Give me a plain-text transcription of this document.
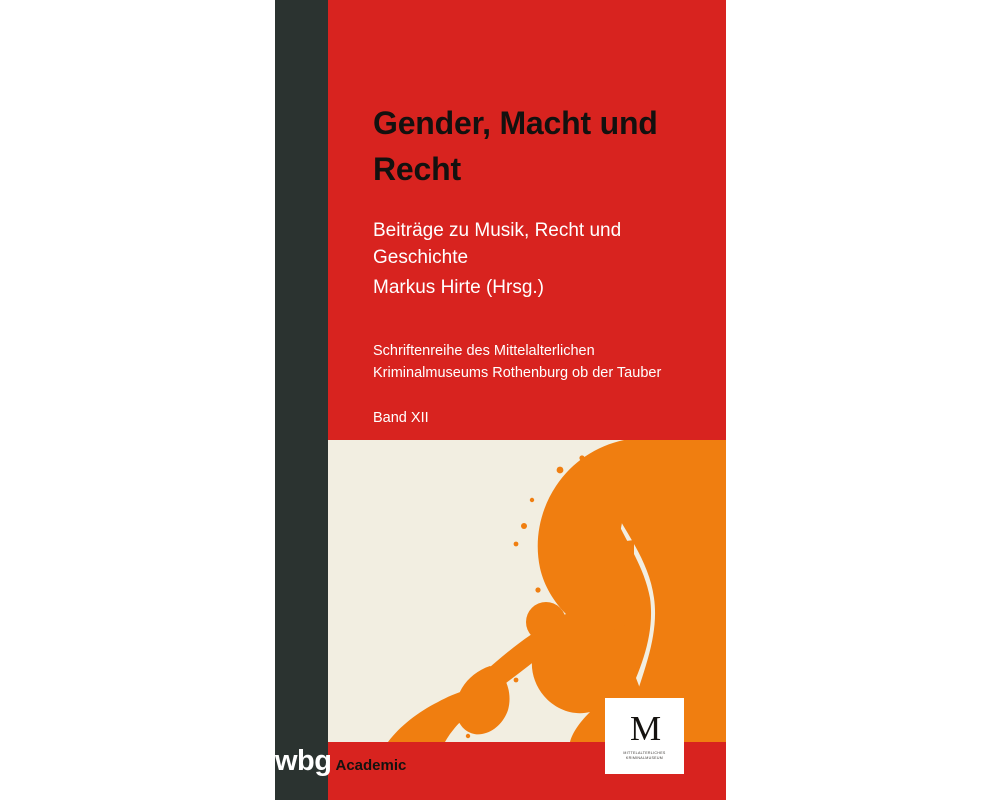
Gender, Macht und Recht
Beiträge zu Musik, Recht und Geschichte
Markus Hirte (Hrsg.)
Schriftenreihe des Mittelalterlichen Kriminalmuseums Rothenburg ob der Tauber
Band XII
M
MITTELALTERLICHES KRIMINALMUSEUM
wbg Academic
